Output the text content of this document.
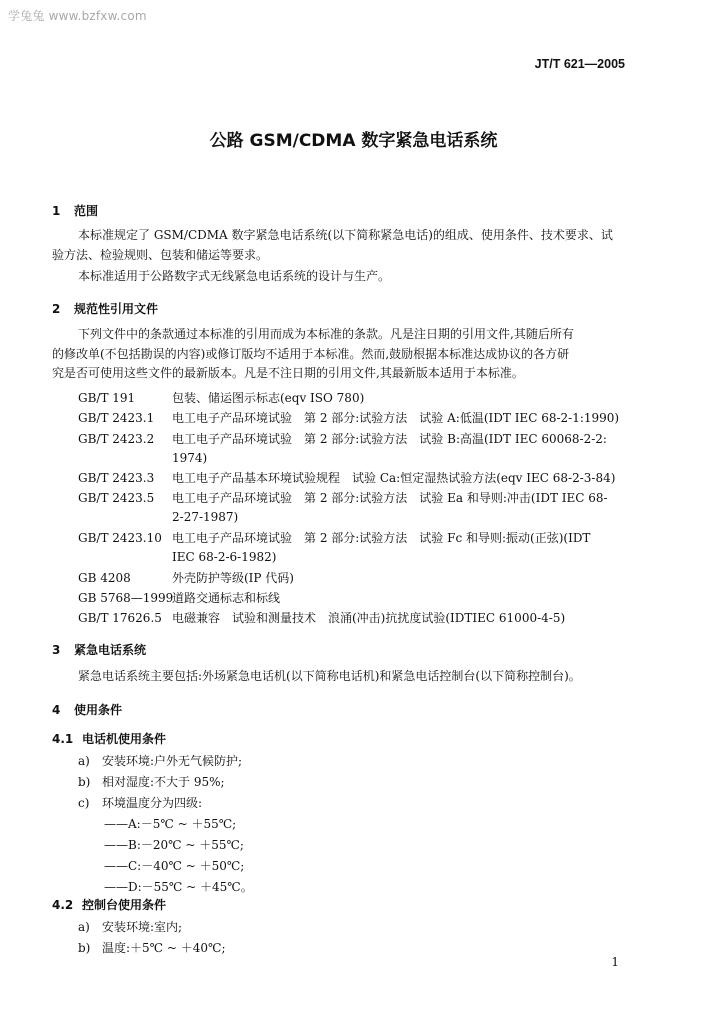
学兔兔 www.bzfxw.com
JT/T 621—2005
公路 GSM/CDMA 数字紧急电话系统
1 范围
本标准规定了 GSM/CDMA 数字紧急电话系统(以下简称紧急电话)的组成、使用条件、技术要求、试
验方法、检验规则、包装和储运等要求。
本标准适用于公路数字式无线紧急电话系统的设计与生产。
2 规范性引用文件
下列文件中的条款通过本标准的引用而成为本标准的条款。凡是注日期的引用文件,其随后所有
的修改单(不包括勘误的内容)或修订版均不适用于本标准。然而,鼓励根据本标准达成协议的各方研
究是否可使用这些文件的最新版本。凡是不注日期的引用文件,其最新版本适用于本标准。
GB/T 191	包装、储运图示标志(eqv ISO 780)
GB/T 2423.1 电工电子产品环境试验　第 2 部分:试验方法　试验 A:低温(IDT IEC 68-2-1:1990)
GB/T 2423.2 电工电子产品环境试验　第 2 部分:试验方法　试验 B:高温(IDT IEC 60068-2-2:
1974)
GB/T 2423.3 电工电子产品基本环境试验规程　试验 Ca:恒定湿热试验方法(eqv IEC 68-2-3-84)
GB/T 2423.5 电工电子产品环境试验　第 2 部分:试验方法　试验 Ea 和导则:冲击(IDT IEC 68-
2-27-1987)
GB/T 2423.10 电工电子产品环境试验　第 2 部分:试验方法　试验 Fc 和导则:振动(正弦)(IDT
IEC 68-2-6-1982)
GB 4208	外壳防护等级(IP 代码)
GB 5768—1999
道路交通标志和标线
GB/T 17626.5 电磁兼容　试验和测量技术　浪涌(冲击)抗扰度试验(IDTIEC 61000-4-5)
3 紧急电话系统
紧急电话系统主要包括:外场紧急电话机(以下简称电话机)和紧急电话控制台(以下简称控制台)。
4 使用条件
4.1 电话机使用条件
a) 安装环境:户外无气候防护;
b) 相对湿度:不大于 95%;
c) 环境温度分为四级:
——A:－5℃ ~ ＋55℃;
——B:－20℃ ~ ＋55℃;
——C:－40℃ ~ ＋50℃;
——D:－55℃ ~ ＋45℃。
4.2 控制台使用条件
a) 安装环境:室内;
b) 温度:＋5℃ ~ ＋40℃;
1
